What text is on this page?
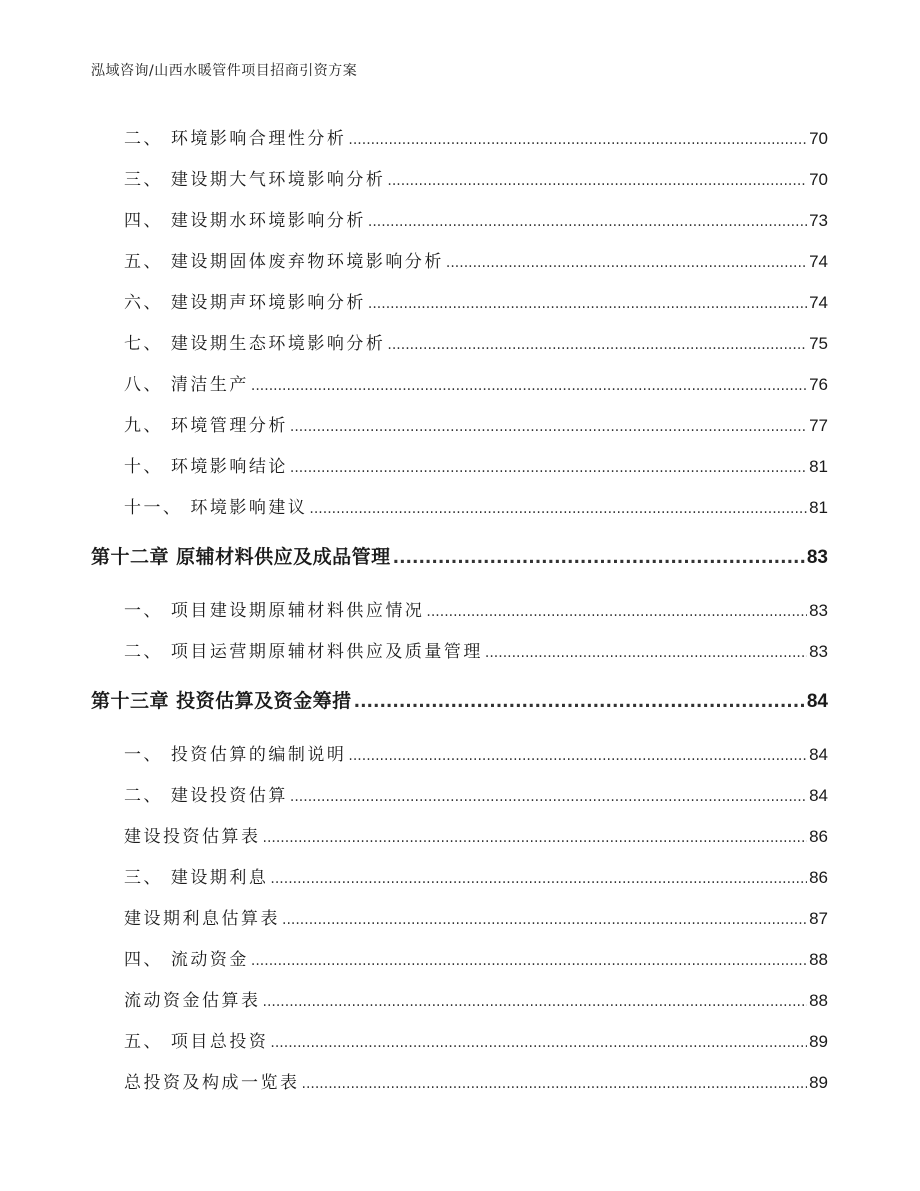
泓域咨询/山西水暖管件项目招商引资方案
二、 环境影响合理性分析 .....	70
三、 建设期大气环境影响分析 .....	70
四、 建设期水环境影响分析 .....	73
五、 建设期固体废弃物环境影响分析 .....	74
六、 建设期声环境影响分析 .....	74
七、 建设期生态环境影响分析 .....	75
八、 清洁生产 .....	76
九、 环境管理分析 .....	77
十、 环境影响结论 .....	81
十一、 环境影响建议 .....	81
第十二章 原辅材料供应及成品管理 .....	83
一、 项目建设期原辅材料供应情况 .....	83
二、 项目运营期原辅材料供应及质量管理 .....	83
第十三章 投资估算及资金筹措 .....	84
一、 投资估算的编制说明 .....	84
二、 建设投资估算 .....	84
建设投资估算表 .....	86
三、 建设期利息 .....	86
建设期利息估算表 .....	87
四、 流动资金 .....	88
流动资金估算表 .....	88
五、 项目总投资 .....	89
总投资及构成一览表 .....	89
